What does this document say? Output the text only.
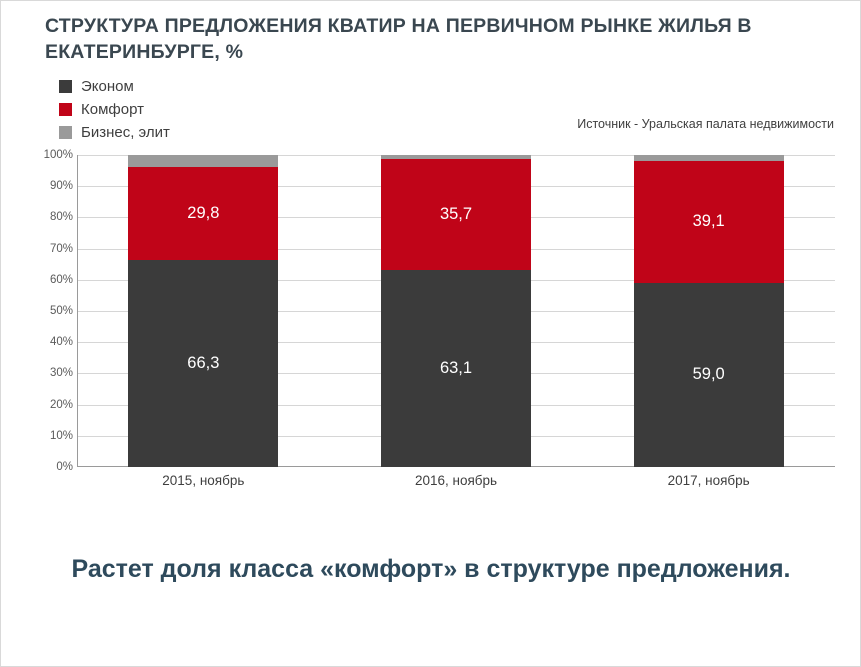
СТРУКТУРА ПРЕДЛОЖЕНИЯ КВАТИР НА ПЕРВИЧНОМ РЫНКЕ ЖИЛЬЯ В ЕКАТЕРИНБУРГЕ, %
Эконом
Комфорт
Бизнес, элит	Источник - Уральская палата недвижимости
100%
90%
80%
70%
60%
50%
40%
30%
20%
10%
0%
29,8
66,3
35,7
63,1
39,1
59,0
2015, ноябрь	2016, ноябрь	2017, ноябрь
Растет доля класса «комфорт» в структуре предложения.
